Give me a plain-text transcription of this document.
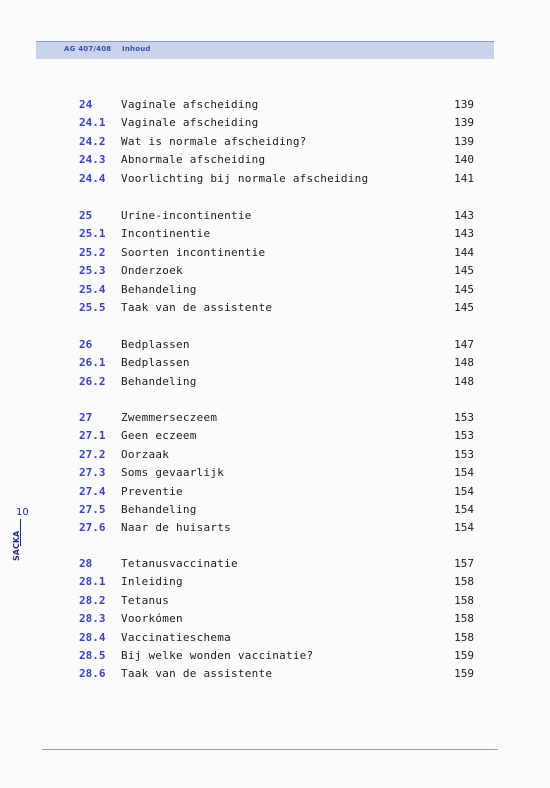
AG 407/408 Inhoud
10
SACKA
24	Vaginale afscheiding	139
24.1 Vaginale afscheiding	139
24.2 Wat is normale afscheiding?	139
24.3 Abnormale afscheiding	140
24.4 Voorlichting bij normale afscheiding	141
25	Urine-incontinentie	143
25.1 Incontinentie	143
25.2 Soorten incontinentie	144
25.3 Onderzoek	145
25.4 Behandeling	145
25.5 Taak van de assistente	145
26	Bedplassen	147
26.1 Bedplassen	148
26.2 Behandeling	148
27	Zwemmerseczeem	153
27.1 Geen eczeem	153
27.2 Oorzaak	153
27.3 Soms gevaarlijk	154
27.4 Preventie	154
27.5 Behandeling	154
27.6 Naar de huisarts	154
28	Tetanusvaccinatie	157
28.1 Inleiding	158
28.2 Tetanus	158
28.3 Voorkómen	158
28.4 Vaccinatieschema	158
28.5 Bij welke wonden vaccinatie?	159
28.6 Taak van de assistente	159
